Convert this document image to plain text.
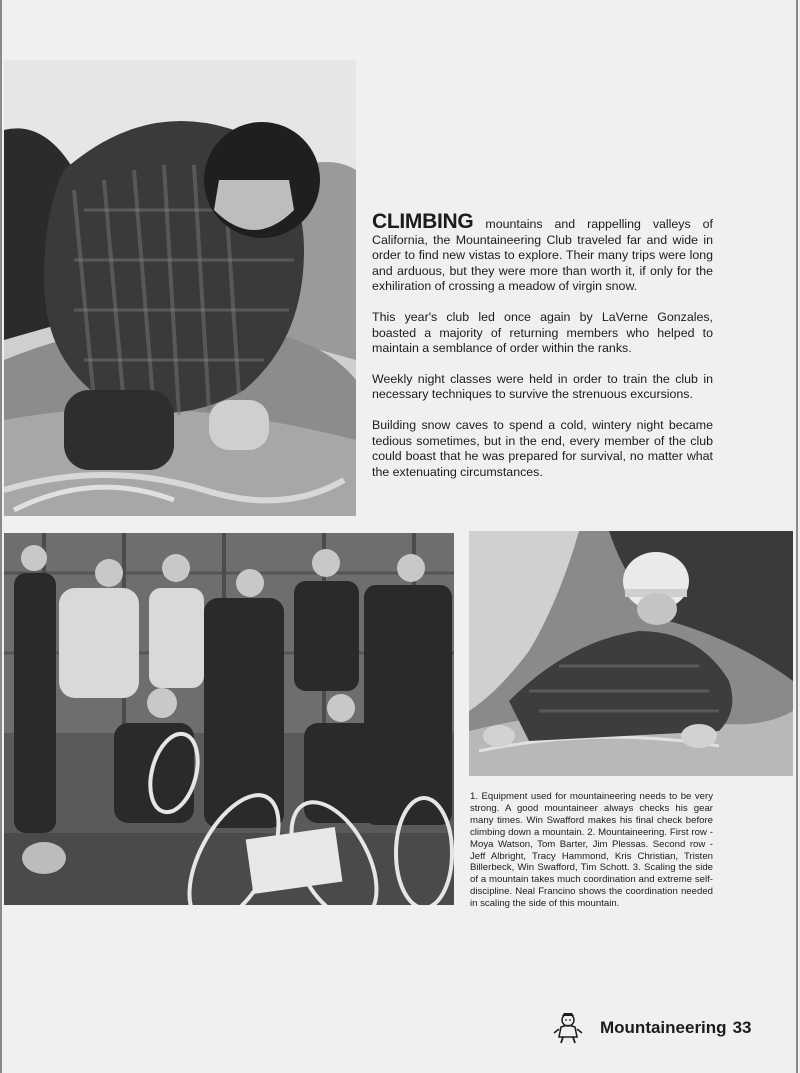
CLIMBING mountains and rappelling valleys of California, the Mountaineering Club traveled far and wide in order to find new vistas to explore. Their many trips were long and arduous, but they were more than worth it, if only for the exhiliration of crossing a meadow of virgin snow.

This year's club led once again by LaVerne Gonzales, boasted a majority of returning members who helped to maintain a semblance of order within the ranks.

Weekly night classes were held in order to train the club in necessary techniques to survive the strenuous excursions.

Building snow caves to spend a cold, wintery night became tedious sometimes, but in the end, every member of the club could boast that he was prepared for survival, no matter what the extenuating circumstances.

1. Equipment used for mountaineering needs to be very strong. A good mountaineer always checks his gear many times. Win Swafford makes his final check before climbing down a mountain. 2. Mountaineering. First row - Moya Watson, Tom Barter, Jim Plessas. Second row - Jeff Albright, Tracy Hammond, Kris Christian, Tristen Billerbeck, Win Swafford, Tim Schott. 3. Scaling the side of a mountain takes much coordination and extreme self-discipline. Neal Francino shows the coordination needed in scaling the side of this mountain.
Mountaineering 33
